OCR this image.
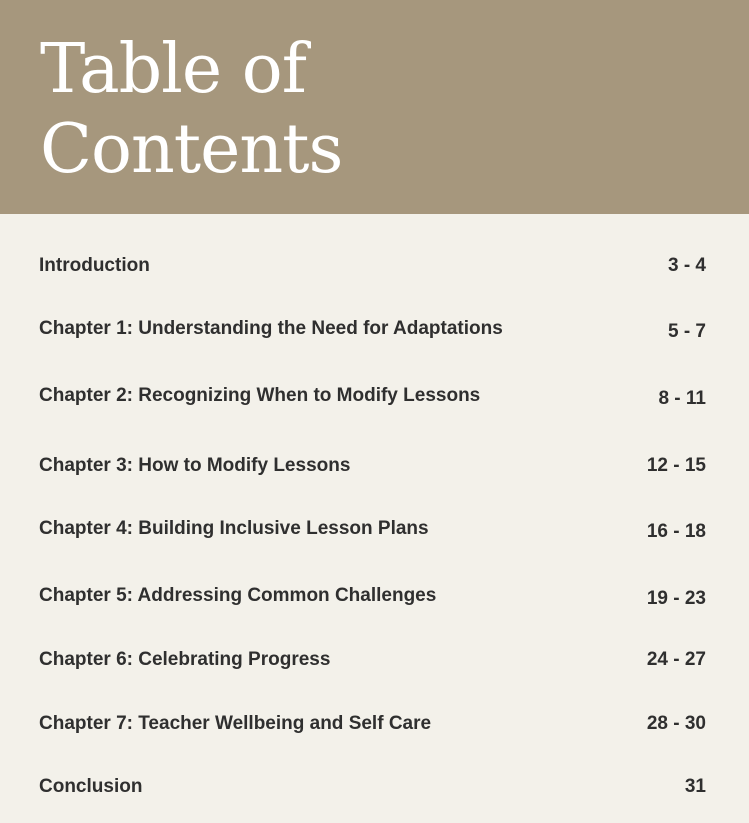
Table of
Contents
Introduction	3 - 4
Chapter 1: Understanding the Need for Adaptations	5 - 7
Chapter 2: Recognizing When to Modify Lessons	8 - 11
Chapter 3: How to Modify Lessons	12 - 15
Chapter 4: Building Inclusive Lesson Plans	16 - 18
Chapter 5: Addressing Common Challenges	19 - 23
Chapter 6: Celebrating Progress	24 - 27
Chapter 7: Teacher Wellbeing and Self Care	28 - 30
Conclusion	31
